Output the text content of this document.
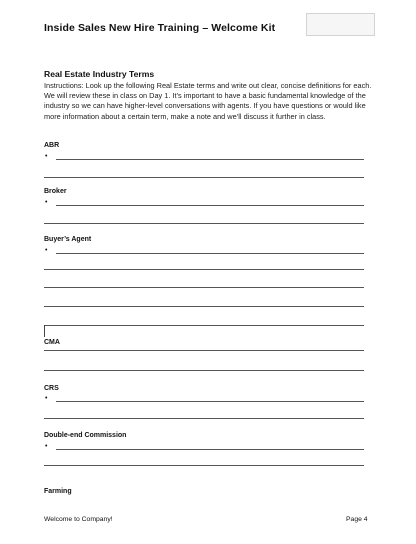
Inside Sales New Hire Training – Welcome Kit
Real Estate Industry Terms
Instructions: Look up the following Real Estate terms and write out clear, concise definitions for each. We will review these in class on Day 1. It’s important to have a basic fundamental knowledge of the industry so we can have higher-level conversations with agents. If you have questions or would like more information about a certain term, make a note and we’ll discuss it further in class.
ABR
•
Broker
•
Buyer’s Agent
•
CMA
CRS
•
Double-end Commission
•
Farming
Welcome to Company!	Page 4
